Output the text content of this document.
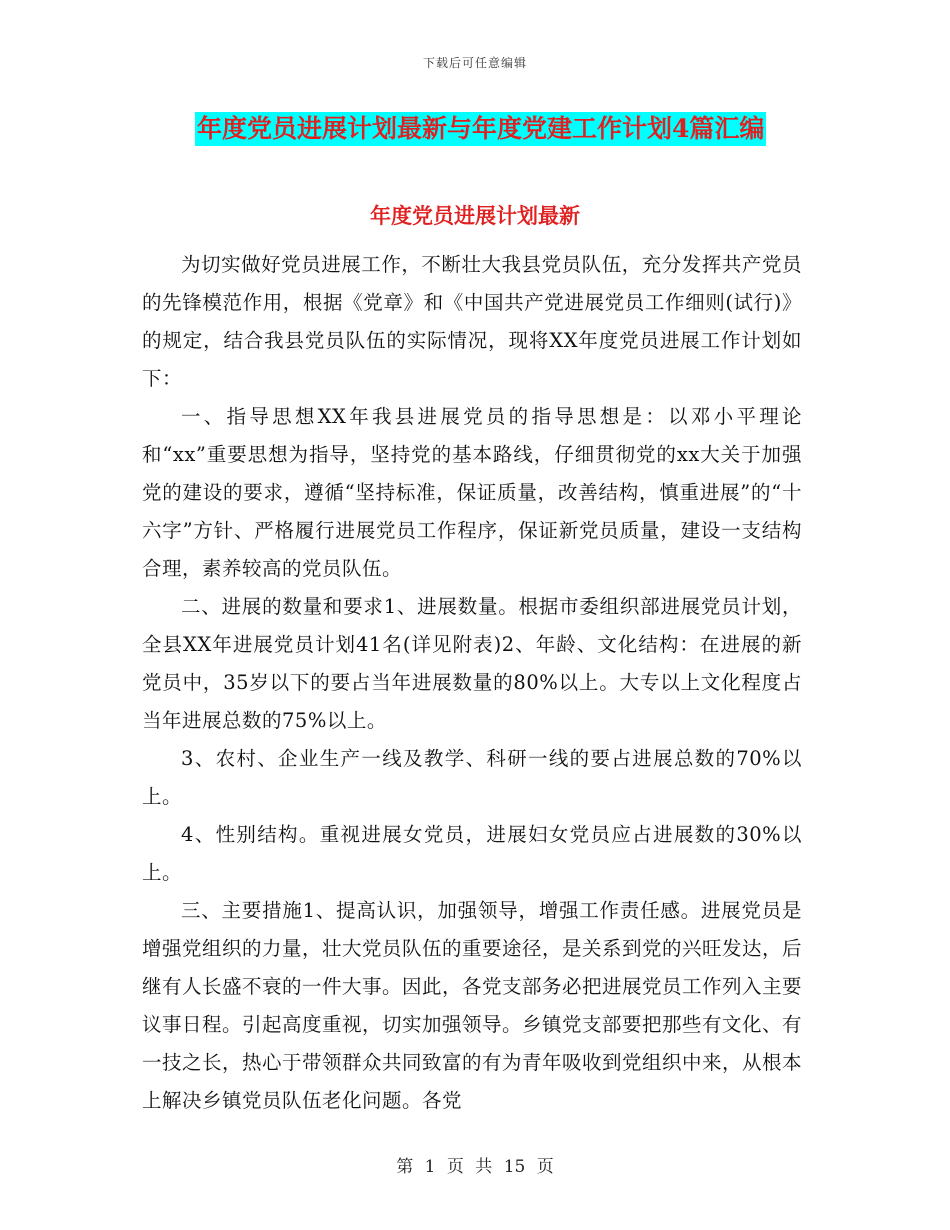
下载后可任意编辑
年度党员进展计划最新与年度党建工作计划4篇汇编
年度党员进展计划最新

为切实做好党员进展工作，不断壮大我县党员队伍，充分发挥共产党员的先锋模范作用，根据《党章》和《中国共产党进展党员工作细则(试行)》的规定，结合我县党员队伍的实际情况，现将XX年度党员进展工作计划如下：

一、指导思想XX年我县进展党员的指导思想是：以邓小平理论和“xx”重要思想为指导，坚持党的基本路线，仔细贯彻党的xx大关于加强党的建设的要求，遵循“坚持标准，保证质量，改善结构，慎重进展”的“十六字”方针、严格履行进展党员工作程序，保证新党员质量，建设一支结构合理，素养较高的党员队伍。

二、进展的数量和要求1、进展数量。根据市委组织部进展党员计划，全县XX年进展党员计划41名(详见附表)2、年龄、文化结构：在进展的新党员中，35岁以下的要占当年进展数量的80%以上。大专以上文化程度占当年进展总数的75%以上。

3、农村、企业生产一线及教学、科研一线的要占进展总数的70%以上。

4、性别结构。重视进展女党员，进展妇女党员应占进展数的30%以上。

三、主要措施1、提高认识，加强领导，增强工作责任感。进展党员是增强党组织的力量，壮大党员队伍的重要途径，是关系到党的兴旺发达，后继有人长盛不衰的一件大事。因此，各党支部务必把进展党员工作列入主要议事日程。引起高度重视，切实加强领导。乡镇党支部要把那些有文化、有一技之长，热心于带领群众共同致富的有为青年吸收到党组织中来，从根本上解决乡镇党员队伍老化问题。各党

第 1 页 共 15 页
